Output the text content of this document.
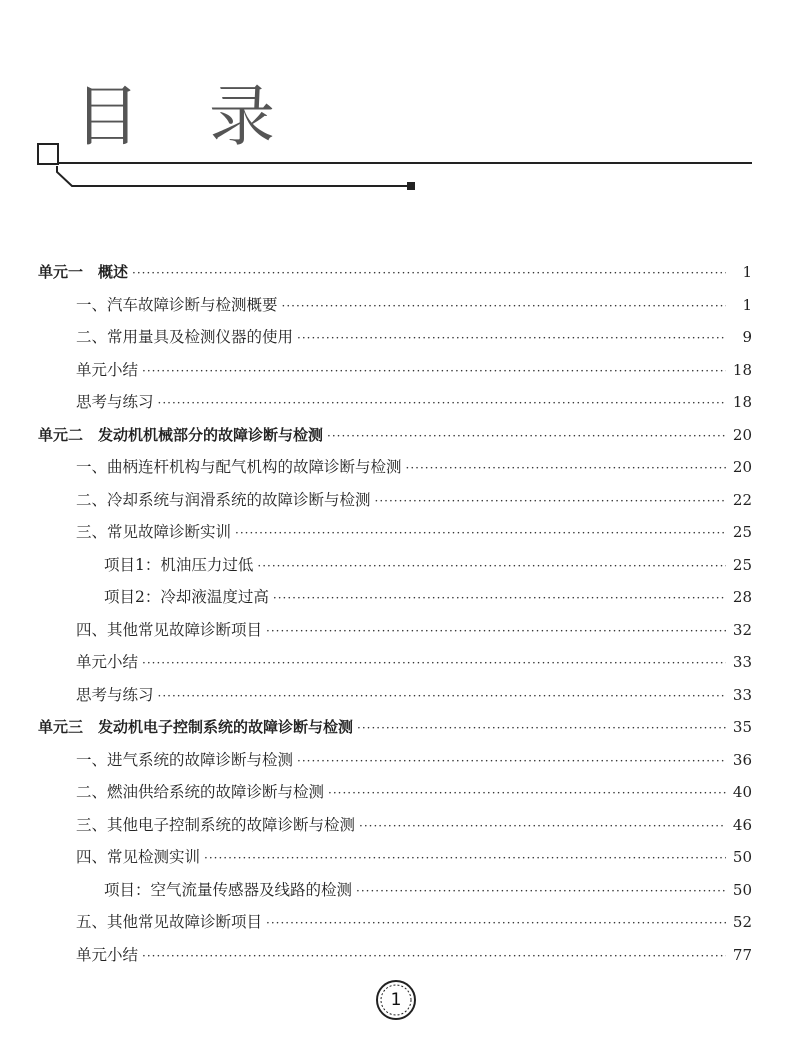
目 录
单元一　概述 ·····	1
一、汽车故障诊断与检测概要 ·····	1
二、常用量具及检测仪器的使用 ·····	9
单元小结 ·····	18
思考与练习 ·····	18
单元二　发动机机械部分的故障诊断与检测 ·····	20
一、曲柄连杆机构与配气机构的故障诊断与检测 ·····	20
二、冷却系统与润滑系统的故障诊断与检测 ·····	22
三、常见故障诊断实训 ·····	25
项目1：机油压力过低 ·····	25
项目2：冷却液温度过高 ·····	28
四、其他常见故障诊断项目 ·····	32
单元小结 ·····	33
思考与练习 ·····	33
单元三　发动机电子控制系统的故障诊断与检测 ·····	35
一、进气系统的故障诊断与检测 ·····	36
二、燃油供给系统的故障诊断与检测 ·····	40
三、其他电子控制系统的故障诊断与检测 ·····	46
四、常见检测实训 ·····	50
项目：空气流量传感器及线路的检测 ·····	50
五、其他常见故障诊断项目 ·····	52
单元小结 ·····	77
1
